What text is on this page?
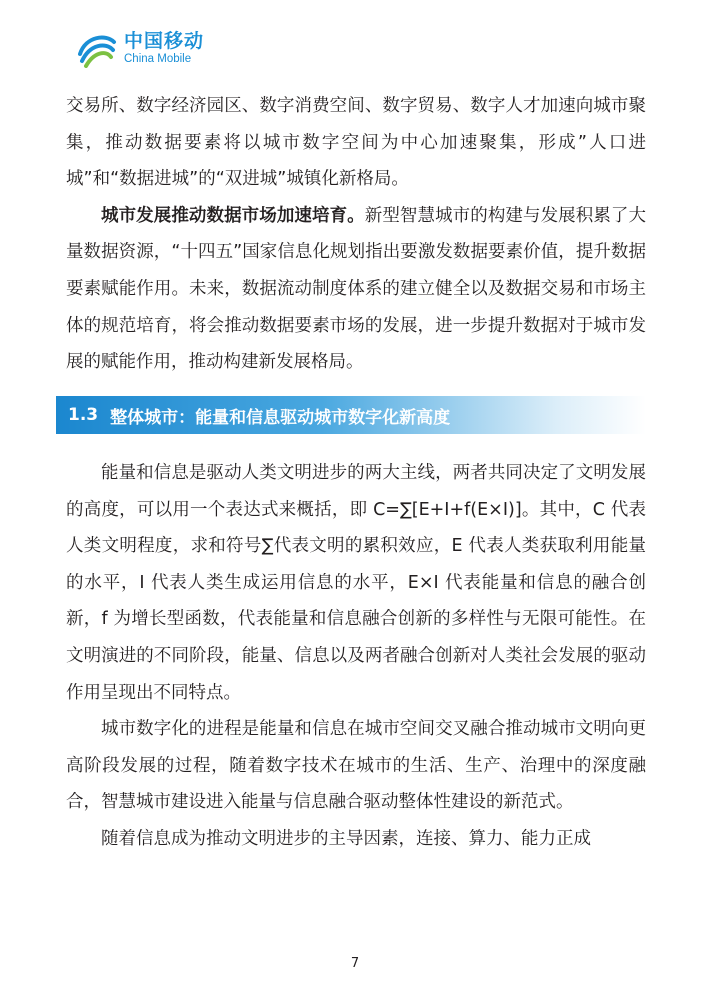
中国移动
China Mobile

交易所、数字经济园区、数字消费空间、数字贸易、数字人才加速向城市聚集，推动数据要素将以城市数字空间为中心加速聚集，形成”人口进城”和“数据进城”的“双进城”城镇化新格局。

城市发展推动数据市场加速培育。新型智慧城市的构建与发展积累了大量数据资源，“十四五”国家信息化规划指出要激发数据要素价值，提升数据要素赋能作用。未来，数据流动制度体系的建立健全以及数据交易和市场主体的规范培育，将会推动数据要素市场的发展，进一步提升数据对于城市发展的赋能作用，推动构建新发展格局。

1.3 整体城市：能量和信息驱动城市数字化新高度

能量和信息是驱动人类文明进步的两大主线，两者共同决定了文明发展的高度，可以用一个表达式来概括，即 C=∑[E+I+f(E×I)]。其中，C 代表人类文明程度，求和符号∑代表文明的累积效应，E 代表人类获取利用能量的水平，I 代表人类生成运用信息的水平，E×I 代表能量和信息的融合创新，f 为增长型函数，代表能量和信息融合创新的多样性与无限可能性。在文明演进的不同阶段，能量、信息以及两者融合创新对人类社会发展的驱动作用呈现出不同特点。

城市数字化的进程是能量和信息在城市空间交叉融合推动城市文明向更高阶段发展的过程，随着数字技术在城市的生活、生产、治理中的深度融合，智慧城市建设进入能量与信息融合驱动整体性建设的新范式。

随着信息成为推动文明进步的主导因素，连接、算力、能力正成

7
